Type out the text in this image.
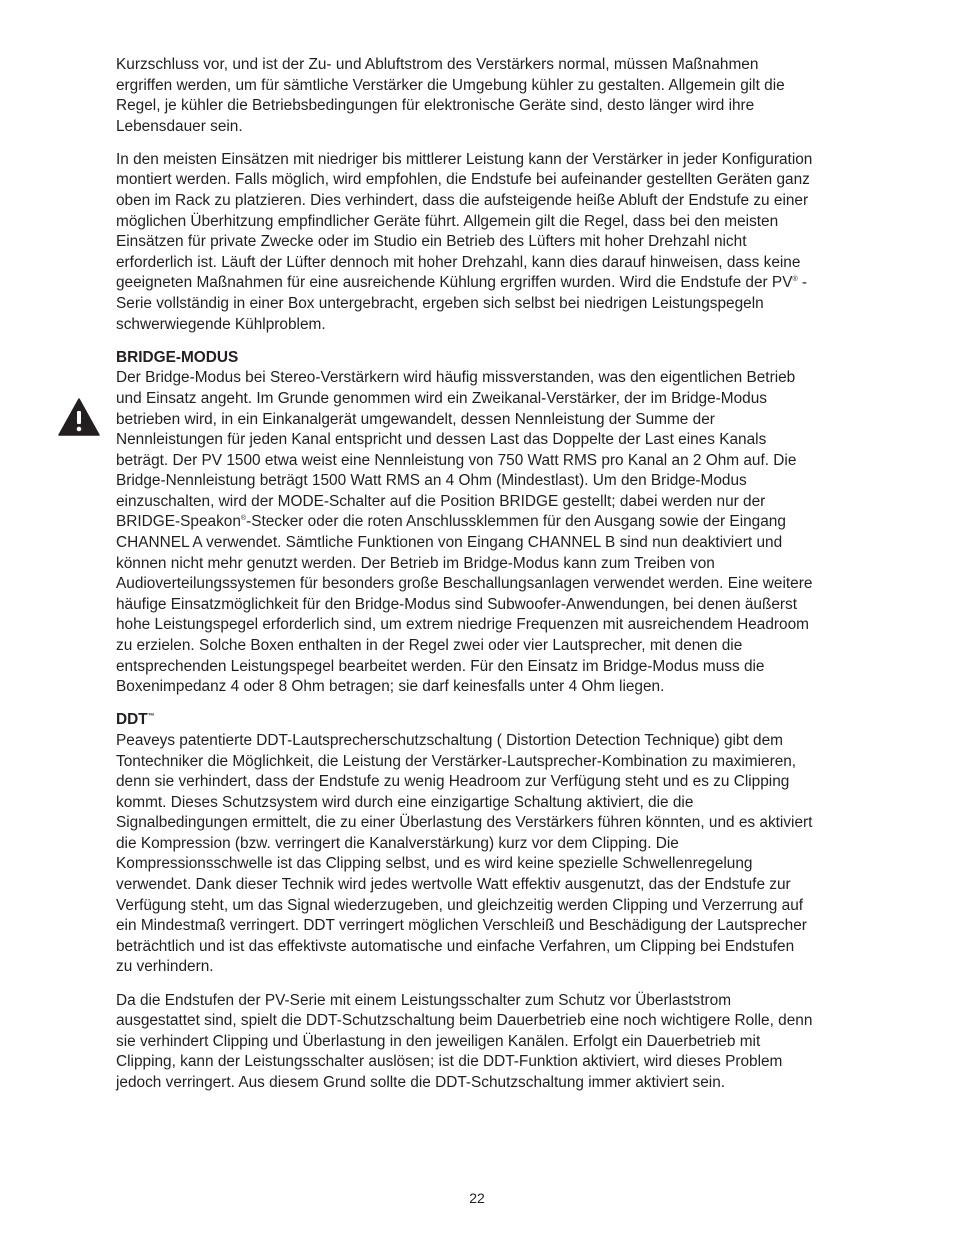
Kurzschluss vor, und ist der Zu- und Abluftstrom des Verstärkers normal, müssen Maßnahmen
ergriffen werden, um für sämtliche Verstärker die Umgebung kühler zu gestalten. Allgemein gilt die
Regel, je kühler die Betriebsbedingungen für elektronische Geräte sind, desto länger wird ihre
Lebensdauer sein.

In den meisten Einsätzen mit niedriger bis mittlerer Leistung kann der Verstärker in jeder Konfiguration
montiert werden. Falls möglich, wird empfohlen, die Endstufe bei aufeinander gestellten Geräten ganz
oben im Rack zu platzieren. Dies verhindert, dass die aufsteigende heiße Abluft der Endstufe zu einer
möglichen Überhitzung empfindlicher Geräte führt. Allgemein gilt die Regel, dass bei den meisten
Einsätzen für private Zwecke oder im Studio ein Betrieb des Lüfters mit hoher Drehzahl nicht
erforderlich ist. Läuft der Lüfter dennoch mit hoher Drehzahl, kann dies darauf hinweisen, dass keine
geeigneten Maßnahmen für eine ausreichende Kühlung ergriffen wurden. Wird die Endstufe der PV® -
Serie vollständig in einer Box untergebracht, ergeben sich selbst bei niedrigen Leistungspegeln
schwerwiegende Kühlproblem.

BRIDGE-MODUS
Der Bridge-Modus bei Stereo-Verstärkern wird häufig missverstanden, was den eigentlichen Betrieb
und Einsatz angeht. Im Grunde genommen wird ein Zweikanal-Verstärker, der im Bridge-Modus
betrieben wird, in ein Einkanalgerät umgewandelt, dessen Nennleistung der Summe der
Nennleistungen für jeden Kanal entspricht und dessen Last das Doppelte der Last eines Kanals
beträgt. Der PV 1500 etwa weist eine Nennleistung von 750 Watt RMS pro Kanal an 2 Ohm auf. Die
Bridge-Nennleistung beträgt 1500 Watt RMS an 4 Ohm (Mindestlast). Um den Bridge-Modus
einzuschalten, wird der MODE-Schalter auf die Position BRIDGE gestellt; dabei werden nur der
BRIDGE-Speakon®-Stecker oder die roten Anschlussklemmen für den Ausgang sowie der Eingang
CHANNEL A verwendet. Sämtliche Funktionen von Eingang CHANNEL B sind nun deaktiviert und
können nicht mehr genutzt werden. Der Betrieb im Bridge-Modus kann zum Treiben von
Audioverteilungssystemen für besonders große Beschallungsanlagen verwendet werden. Eine weitere
häufige Einsatzmöglichkeit für den Bridge-Modus sind Subwoofer-Anwendungen, bei denen äußerst
hohe Leistungspegel erforderlich sind, um extrem niedrige Frequenzen mit ausreichendem Headroom
zu erzielen. Solche Boxen enthalten in der Regel zwei oder vier Lautsprecher, mit denen die
entsprechenden Leistungspegel bearbeitet werden. Für den Einsatz im Bridge-Modus muss die
Boxenimpedanz 4 oder 8 Ohm betragen; sie darf keinesfalls unter 4 Ohm liegen.
DDT™
Peaveys patentierte DDT-Lautsprecherschutzschaltung ( Distortion Detection Technique) gibt dem
Tontechniker die Möglichkeit, die Leistung der Verstärker-Lautsprecher-Kombination zu maximieren,
denn sie verhindert, dass der Endstufe zu wenig Headroom zur Verfügung steht und es zu Clipping
kommt. Dieses Schutzsystem wird durch eine einzigartige Schaltung aktiviert, die die
Signalbedingungen ermittelt, die zu einer Überlastung des Verstärkers führen könnten, und es aktiviert
die Kompression (bzw. verringert die Kanalverstärkung) kurz vor dem Clipping. Die
Kompressionsschwelle ist das Clipping selbst, und es wird keine spezielle Schwellenregelung
verwendet. Dank dieser Technik wird jedes wertvolle Watt effektiv ausgenutzt, das der Endstufe zur
Verfügung steht, um das Signal wiederzugeben, und gleichzeitig werden Clipping und Verzerrung auf
ein Mindestmaß verringert. DDT verringert möglichen Verschleiß und Beschädigung der Lautsprecher
beträchtlich und ist das effektivste automatische und einfache Verfahren, um Clipping bei Endstufen
zu verhindern.

Da die Endstufen der PV-Serie mit einem Leistungsschalter zum Schutz vor Überlaststrom
ausgestattet sind, spielt die DDT-Schutzschaltung beim Dauerbetrieb eine noch wichtigere Rolle, denn
sie verhindert Clipping und Überlastung in den jeweiligen Kanälen. Erfolgt ein Dauerbetrieb mit
Clipping, kann der Leistungsschalter auslösen; ist die DDT-Funktion aktiviert, wird dieses Problem
jedoch verringert. Aus diesem Grund sollte die DDT-Schutzschaltung immer aktiviert sein.

22
